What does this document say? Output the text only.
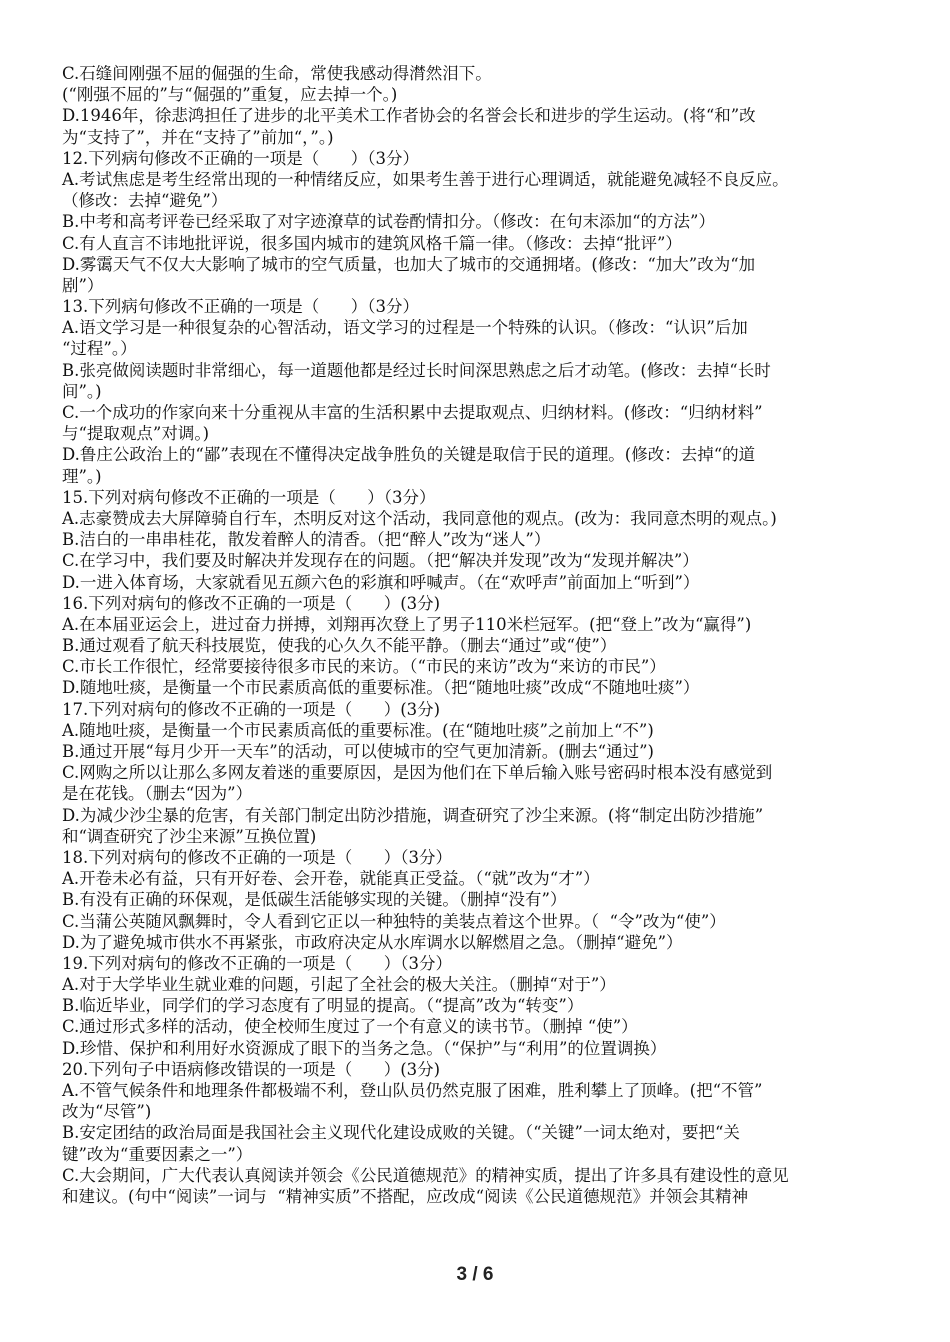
C.石缝间刚强不屈的倔强的生命，常使我感动得潸然泪下。
(“刚强不屈的”与“倔强的”重复，应去掉一个。)
D.1946年，徐悲鸿担任了进步的北平美术工作者协会的名誉会长和进步的学生运动。(将“和”改
为“支持了”，并在“支持了”前加“，”。)
12.下列病句修改不正确的一项是（      ）（3分）
A.考试焦虑是考生经常出现的一种情绪反应，如果考生善于进行心理调适，就能避免减轻不良反应。
（修改：去掉“避免”）
B.中考和高考评卷已经采取了对字迹潦草的试卷酌情扣分。（修改：在句末添加“的方法”）
C.有人直言不讳地批评说，很多国内城市的建筑风格千篇一律。（修改：去掉“批评”）
D.雾霭天气不仅大大影响了城市的空气质量，也加大了城市的交通拥堵。(修改：“加大”改为“加
剧”）
13.下列病句修改不正确的一项是（      ）（3分）
A.语文学习是一种很复杂的心智活动，语文学习的过程是一个特殊的认识。（修改：“认识”后加
“过程”。）
B.张亮做阅读题时非常细心，每一道题他都是经过长时间深思熟虑之后才动笔。(修改：去掉“长时
间”。)
C.一个成功的作家向来十分重视从丰富的生活积累中去提取观点、归纳材料。(修改：“归纳材料”
与“提取观点”对调。)
D.鲁庄公政治上的“鄙”表现在不懂得决定战争胜负的关键是取信于民的道理。(修改：去掉“的道
理”。)
15.下列对病句修改不正确的一项是（      ）（3分）
A.志豪赞成去大屏障骑自行车，杰明反对这个活动，我同意他的观点。(改为：我同意杰明的观点。)
B.洁白的一串串桂花，散发着醉人的清香。（把“醉人”改为“迷人”）
C.在学习中，我们要及时解决并发现存在的问题。（把“解决并发现”改为“发现并解决”）
D.一进入体育场，大家就看见五颜六色的彩旗和呼喊声。（在“欢呼声”前面加上“听到”）
16.下列对病句的修改不正确的一项是（      ）(3分)
A.在本届亚运会上，进过奋力拼搏，刘翔再次登上了男子110米栏冠军。(把“登上”改为“赢得”)
B.通过观看了航天科技展览，使我的心久久不能平静。（删去“通过”或“使”）
C.市长工作很忙，经常要接待很多市民的来访。（“市民的来访”改为“来访的市民”）
D.随地吐痰，是衡量一个市民素质高低的重要标准。（把“随地吐痰”改成“不随地吐痰”）
17.下列对病句的修改不正确的一项是（      ）(3分)
A.随地吐痰，是衡量一个市民素质高低的重要标准。(在“随地吐痰”之前加上“不”)
B.通过开展“每月少开一天车”的活动，可以使城市的空气更加清新。(删去“通过”)
C.网购之所以让那么多网友着迷的重要原因，是因为他们在下单后输入账号密码时根本没有感觉到
是在花钱。（删去“因为”）
D.为减少沙尘暴的危害，有关部门制定出防沙措施，调查研究了沙尘来源。(将“制定出防沙措施”
和“调查研究了沙尘来源”互换位置)
18.下列对病句的修改不正确的一项是（      ）（3分）
A.开卷未必有益，只有开好卷、会开卷，就能真正受益。（“就”改为“才”）
B.有没有正确的环保观，是低碳生活能够实现的关键。（删掉“没有”）
C.当蒲公英随风飘舞时，令人看到它正以一种独特的美装点着这个世界。（  “令”改为“使”）
D.为了避免城市供水不再紧张，市政府决定从水库调水以解燃眉之急。（删掉“避免”）
19.下列对病句的修改不正确的一项是（      ）（3分）
A.对于大学毕业生就业难的问题，引起了全社会的极大关注。（删掉“对于”）
B.临近毕业，同学们的学习态度有了明显的提高。（“提高”改为“转变”）
C.通过形式多样的活动，使全校师生度过了一个有意义的读书节。（删掉 “使”）
D.珍惜、保护和利用好水资源成了眼下的当务之急。（“保护”与“利用”的位置调换）
20.下列句子中语病修改错误的一项是（      ）(3分)
A.不管气候条件和地理条件都极端不利，登山队员仍然克服了困难，胜利攀上了顶峰。(把“不管”
改为“尽管”)
B.安定团结的政治局面是我国社会主义现代化建设成败的关键。（“关键”一词太绝对，要把“关
键”改为“重要因素之一”）
C.大会期间，广大代表认真阅读并领会《公民道德规范》的精神实质，提出了许多具有建设性的意见
和建议。(句中“阅读”一词与  “精神实质”不搭配，应改成“阅读《公民道德规范》并领会其精神
3 / 6
